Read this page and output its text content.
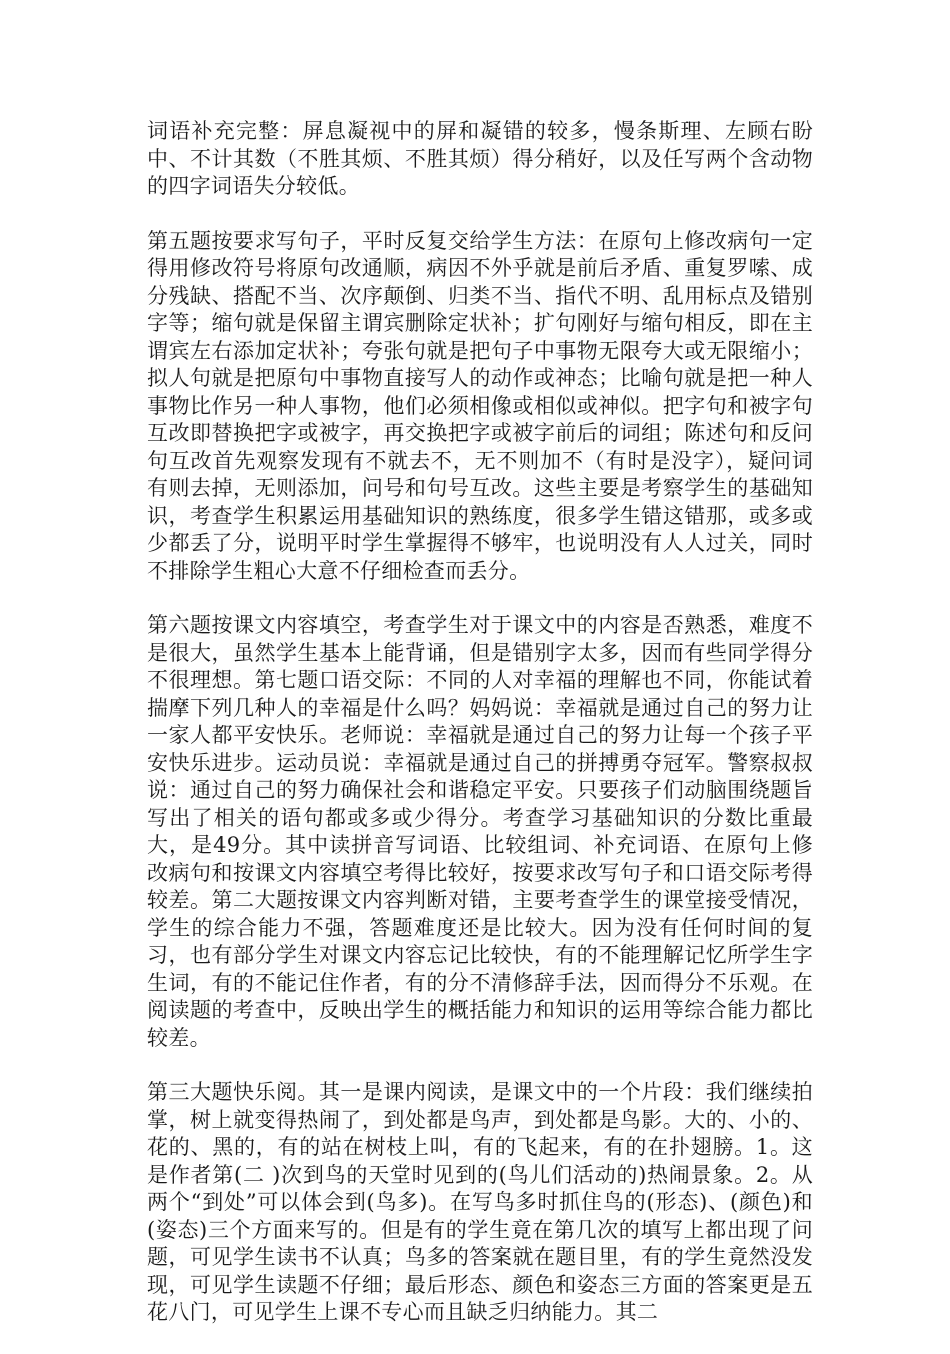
词语补充完整：屏息凝视中的屏和凝错的较多，慢条斯理、左顾右盼中、不计其数（不胜其烦、不胜其烦）得分稍好，以及任写两个含动物的四字词语失分较低。

第五题按要求写句子，平时反复交给学生方法：在原句上修改病句一定得用修改符号将原句改通顺，病因不外乎就是前后矛盾、重复罗嗦、成分残缺、搭配不当、次序颠倒、归类不当、指代不明、乱用标点及错别字等；缩句就是保留主谓宾删除定状补；扩句刚好与缩句相反，即在主谓宾左右添加定状补；夸张句就是把句子中事物无限夸大或无限缩小；拟人句就是把原句中事物直接写人的动作或神态；比喻句就是把一种人事物比作另一种人事物，他们必须相像或相似或神似。把字句和被字句互改即替换把字或被字，再交换把字或被字前后的词组；陈述句和反问句互改首先观察发现有不就去不，无不则加不（有时是没字），疑问词有则去掉，无则添加，问号和句号互改。这些主要是考察学生的基础知识，考查学生积累运用基础知识的熟练度，很多学生错这错那，或多或少都丢了分，说明平时学生掌握得不够牢，也说明没有人人过关，同时不排除学生粗心大意不仔细检查而丢分。

第六题按课文内容填空，考查学生对于课文中的内容是否熟悉，难度不是很大，虽然学生基本上能背诵，但是错别字太多，因而有些同学得分不很理想。第七题口语交际：不同的人对幸福的理解也不同，你能试着揣摩下列几种人的幸福是什么吗？妈妈说：幸福就是通过自己的努力让一家人都平安快乐。老师说：幸福就是通过自己的努力让每一个孩子平安快乐进步。运动员说：幸福就是通过自己的拼搏勇夺冠军。警察叔叔说：通过自己的努力确保社会和谐稳定平安。只要孩子们动脑围绕题旨写出了相关的语句都或多或少得分。考查学习基础知识的分数比重最大，是49分。其中读拼音写词语、比较组词、补充词语、在原句上修改病句和按课文内容填空考得比较好，按要求改写句子和口语交际考得较差。第二大题按课文内容判断对错，主要考查学生的课堂接受情况，学生的综合能力不强，答题难度还是比较大。因为没有任何时间的复习，也有部分学生对课文内容忘记比较快，有的不能理解记忆所学生字生词，有的不能记住作者，有的分不清修辞手法，因而得分不乐观。在阅读题的考查中，反映出学生的概括能力和知识的运用等综合能力都比较差。

第三大题快乐阅。其一是课内阅读，是课文中的一个片段：我们继续拍掌，树上就变得热闹了，到处都是鸟声，到处都是鸟影。大的、小的、花的、黑的，有的站在树枝上叫，有的飞起来，有的在扑翅膀。1。这是作者第(二 )次到鸟的天堂时见到的(鸟儿们活动的)热闹景象。2。从两个“到处”可以体会到(鸟多)。在写鸟多时抓住鸟的(形态)、(颜色)和(姿态)三个方面来写的。但是有的学生竟在第几次的填写上都出现了问题，可见学生读书不认真；鸟多的答案就在题目里，有的学生竟然没发现，可见学生读题不仔细；最后形态、颜色和姿态三方面的答案更是五花八门，可见学生上课不专心而且缺乏归纳能力。其二
